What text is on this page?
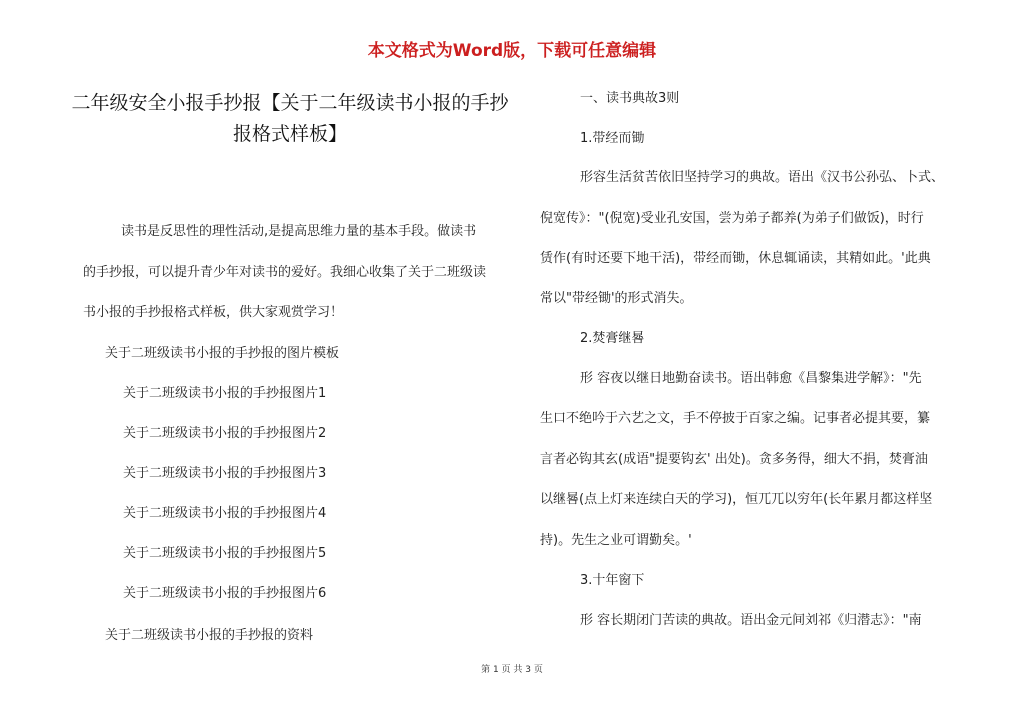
本文格式为Word版，下载可任意编辑
二年级安全小报手抄报【关于二年级读书小报的手抄
报格式样板】
读书是反思性的理性活动,是提高思维力量的基本手段。做读书
的手抄报，可以提升青少年对读书的爱好。我细心收集了关于二班级读
书小报的手抄报格式样板，供大家观赏学习！
关于二班级读书小报的手抄报的图片模板
关于二班级读书小报的手抄报图片1
关于二班级读书小报的手抄报图片2
关于二班级读书小报的手抄报图片3
关于二班级读书小报的手抄报图片4
关于二班级读书小报的手抄报图片5
关于二班级读书小报的手抄报图片6
关于二班级读书小报的手抄报的资料
一、读书典故3则
1.带经而锄
形容生活贫苦依旧坚持学习的典故。语出《汉书公孙弘、卜式、
倪宽传》："(倪宽)受业孔安国，尝为弟子都养(为弟子们做饭)，时行
赁作(有时还要下地干活)，带经而锄，休息辄诵读，其精如此。'此典
常以"带经锄'的形式消失。
2.焚膏继晷
形 容夜以继日地勤奋读书。语出韩愈《昌黎集进学解》："先
生口不绝吟于六艺之文，手不停披于百家之编。记事者必提其要，纂
言者必钩其玄(成语"提要钩玄' 出处)。贪多务得，细大不捐，焚膏油
以继晷(点上灯来连续白天的学习)，恒兀兀以穷年(长年累月都这样坚
持)。先生之业可谓勤矣。'
3.十年窗下
形 容长期闭门苦读的典故。语出金元间刘祁《归潜志》："南
第 1 页 共 3 页
